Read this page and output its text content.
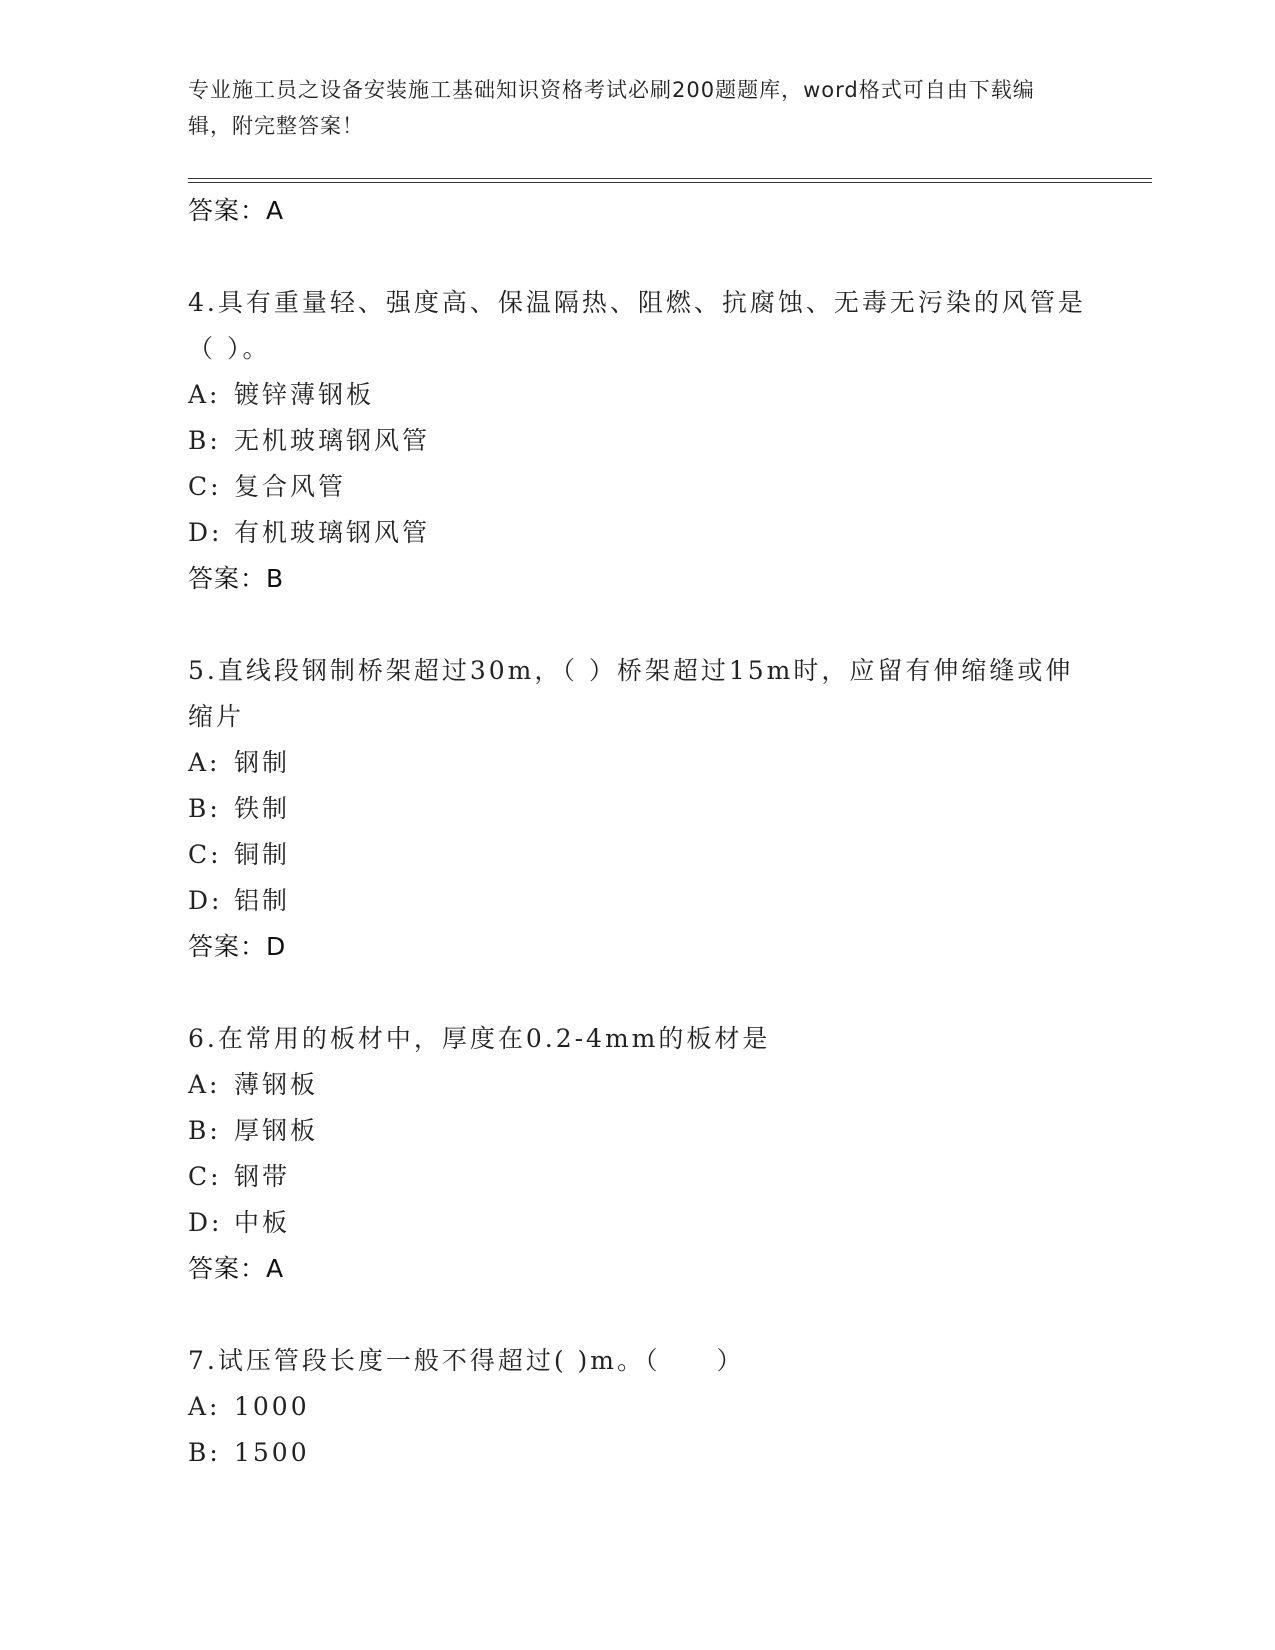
专业施工员之设备安装施工基础知识资格考试必刷200题题库，word格式可自由下载编辑，附完整答案！
答案：A
4.具有重量轻、强度高、保温隔热、阻燃、抗腐蚀、无毒无污染的风管是（ ）。
A: 镀锌薄钢板
B: 无机玻璃钢风管
C: 复合风管
D: 有机玻璃钢风管
答案：B
5.直线段钢制桥架超过30m，（ ）桥架超过15m时，应留有伸缩缝或伸缩片
A: 钢制
B: 铁制
C: 铜制
D: 铝制
答案：D
6.在常用的板材中，厚度在0.2-4mm的板材是
A: 薄钢板
B: 厚钢板
C: 钢带
D: 中板
答案：A
7.试压管段长度一般不得超过( )m。（　　）
A: 1000
B: 1500
